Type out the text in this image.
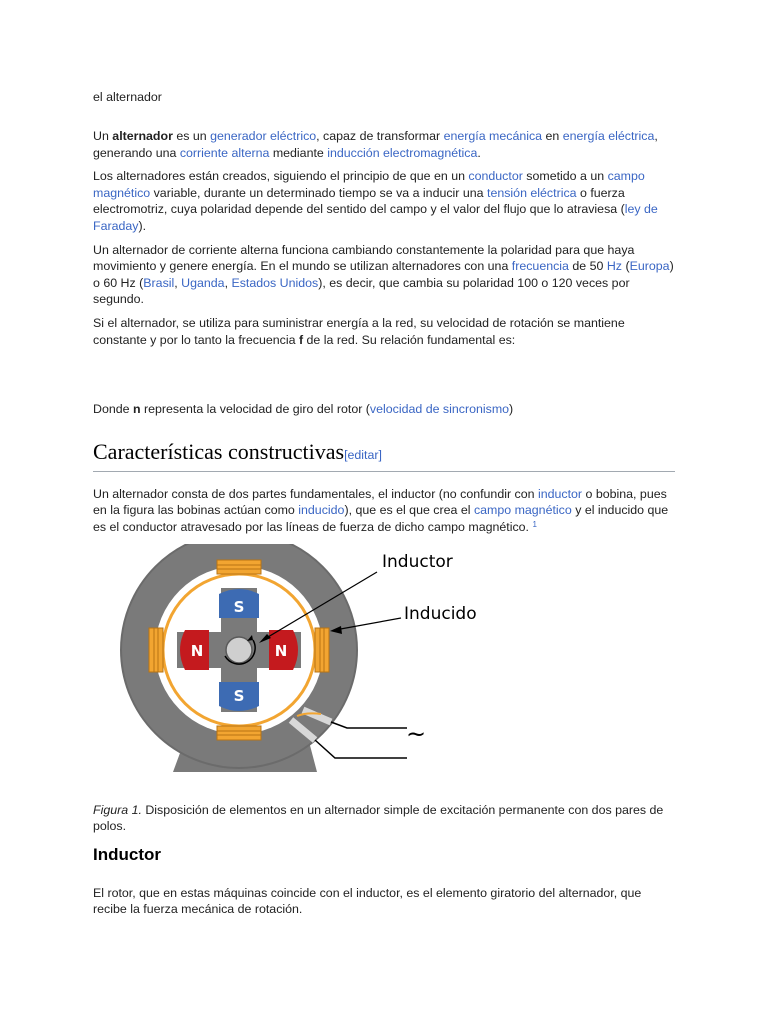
el alternador

Un alternador es un generador eléctrico, capaz de transformar energía mecánica en energía eléctrica, generando una corriente alterna mediante inducción electromagnética.

Los alternadores están creados, siguiendo el principio de que en un conductor sometido a un campo magnético variable, durante un determinado tiempo se va a inducir una tensión eléctrica o fuerza electromotriz, cuya polaridad depende del sentido del campo y el valor del flujo que lo atraviesa (ley de Faraday).

Un alternador de corriente alterna funciona cambiando constantemente la polaridad para que haya movimiento y genere energía. En el mundo se utilizan alternadores con una frecuencia de 50 Hz (Europa) o 60 Hz (Brasil, Uganda, Estados Unidos), es decir, que cambia su polaridad 100 o 120 veces por segundo.

Si el alternador, se utiliza para suministrar energía a la red, su velocidad de rotación se mantiene constante y por lo tanto la frecuencia f de la red. Su relación fundamental es:

Donde n representa la velocidad de giro del rotor (velocidad de sincronismo)

Características constructivas[editar]

Un alternador consta de dos partes fundamentales, el inductor (no confundir con inductor o bobina, pues en la figura las bobinas actúan como inducido), que es el que crea el campo magnético y el inducido que es el conductor atravesado por las líneas de fuerza de dicho campo magnético. $^1$

S
S
N	N
Inductor
Inducido
~

Figura 1. Disposición de elementos en un alternador simple de excitación permanente con dos pares de polos.

Inductor

El rotor, que en estas máquinas coincide con el inductor, es el elemento giratorio del alternador, que recibe la fuerza mecánica de rotación.
